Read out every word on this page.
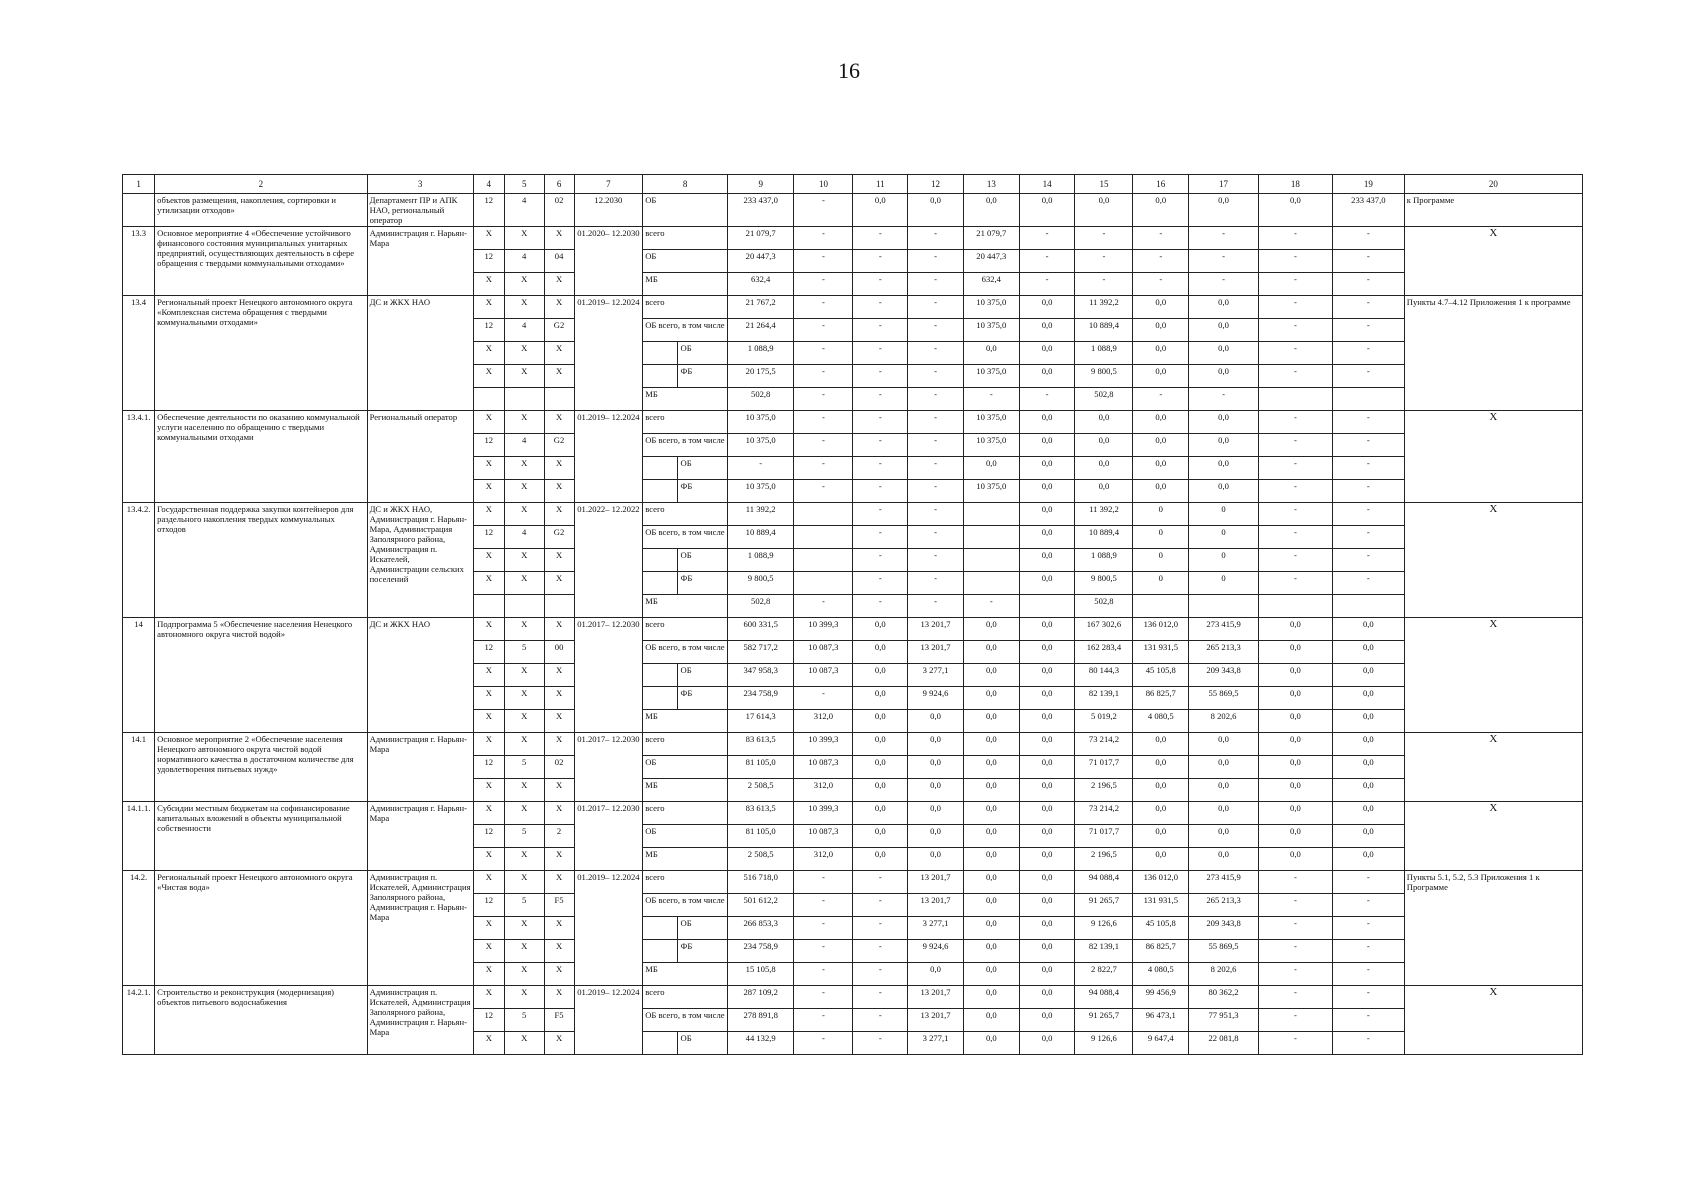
16
1	2	3	4	5	6	7	8		9	10	11	12	13	14	15	16	17	18	19	20
	объектов размещения, накопления, сортировки и утилизации отходов»	Департамент ПР и АПК НАО, региональный оператор	12	4	02	12.2030	ОБ		233 437,0	-	0,0	0,0	0,0	0,0	0,0	0,0	0,0	0,0	233 437,0	к Программе
13.3	Основное мероприятие 4 «Обеспечение устойчивого финансового состояния муниципальных унитарных предприятий, осуществляющих деятельность в сфере обращения с твердыми коммунальными отходами»	Администрация г. Нарьян-Мара	Х	Х	Х	01.2020– 12.2030	всего		21 079,7	-	-	-	21 079,7	-	-	-	-	-	-	Х
			12	4	04		ОБ		20 447,3	-	-	-	20 447,3	-	-	-	-	-	-	
			Х	Х	Х		МБ		632,4	-	-	-	632,4	-	-	-	-	-	-	
13.4	Региональный проект Ненецкого автономного округа «Комплексная система обращения с твердыми коммунальными отходами»	ДС и ЖКХ НАО	Х	Х	Х	01.2019– 12.2024	всего		21 767,2	-	-	-	10 375,0	0,0	11 392,2	0,0	0,0	-	-	Пункты 4.7–4.12 Приложения 1 к программе
			12	4	G2		ОБ всего, в том числе		21 264,4	-	-	-	10 375,0	0,0	10 889,4	0,0	0,0	-	-	
			Х	Х	Х			ОБ	1 088,9	-	-	-	0,0	0,0	1 088,9	0,0	0,0	-	-	
			Х	Х	Х			ФБ	20 175,5	-	-	-	10 375,0	0,0	9 800,5	0,0	0,0	-	-	
							МБ		502,8	-	-	-	-	-	502,8	-	-			
13.4.1.	Обеспечение деятельности по оказанию коммунальной услуги населению по обращению с твердыми коммунальными отходами	Региональный оператор	Х	Х	Х	01.2019– 12.2024	всего		10 375,0	-	-	-	10 375,0	0,0	0,0	0,0	0,0	-	-	Х
			12	4	G2		ОБ всего, в том числе		10 375,0	-	-	-	10 375,0	0,0	0,0	0,0	0,0	-	-	
			Х	Х	Х			ОБ	-	-	-	-	0,0	0,0	0,0	0,0	0,0	-	-	
			Х	Х	Х			ФБ	10 375,0	-	-	-	10 375,0	0,0	0,0	0,0	0,0	-	-	
13.4.2.	Государственная поддержка закупки контейнеров для раздельного накопления твердых коммунальных отходов	ДС и ЖКХ НАО, Администрация г. Нарьян-Мара, Администрация Заполярного района, Администрация п. Искателей, Администрации сельских поселений	Х	Х	Х	01.2022– 12.2022	всего		11 392,2		-	-		0,0	11 392,2	0	0	-	-	Х
			12	4	G2		ОБ всего, в том числе		10 889,4		-	-		0,0	10 889,4	0	0	-	-	
			Х	Х	Х			ОБ	1 088,9		-	-		0,0	1 088,9	0	0	-	-	
			Х	Х	Х			ФБ	9 800,5		-	-		0,0	9 800,5	0	0	-	-	
							МБ		502,8	-	-	-	-		502,8					
14	Подпрограмма 5 «Обеспечение населения Ненецкого автономного округа чистой водой»	ДС и ЖКХ НАО	Х	Х	Х	01.2017– 12.2030	всего		600 331,5	10 399,3	0,0	13 201,7	0,0	0,0	167 302,6	136 012,0	273 415,9	0,0	0,0	Х
			12	5	00		ОБ всего, в том числе		582 717,2	10 087,3	0,0	13 201,7	0,0	0,0	162 283,4	131 931,5	265 213,3	0,0	0,0	
			Х	Х	Х			ОБ	347 958,3	10 087,3	0,0	3 277,1	0,0	0,0	80 144,3	45 105,8	209 343,8	0,0	0,0	
			Х	Х	Х			ФБ	234 758,9	-	0,0	9 924,6	0,0	0,0	82 139,1	86 825,7	55 869,5	0,0	0,0	
			Х	Х	Х		МБ		17 614,3	312,0	0,0	0,0	0,0	0,0	5 019,2	4 080,5	8 202,6	0,0	0,0	
14.1	Основное мероприятие 2 «Обеспечение населения Ненецкого автономного округа чистой водой нормативного качества в достаточном количестве для удовлетворения питьевых нужд»	Администрация г. Нарьян-Мара	Х	Х	Х	01.2017– 12.2030	всего		83 613,5	10 399,3	0,0	0,0	0,0	0,0	73 214,2	0,0	0,0	0,0	0,0	Х
			12	5	02		ОБ		81 105,0	10 087,3	0,0	0,0	0,0	0,0	71 017,7	0,0	0,0	0,0	0,0	
			Х	Х	Х		МБ		2 508,5	312,0	0,0	0,0	0,0	0,0	2 196,5	0,0	0,0	0,0	0,0	
14.1.1.	Субсидии местным бюджетам на софинансирование капитальных вложений в объекты муниципальной собственности	Администрация г. Нарьян-Мара	Х	Х	Х	01.2017– 12.2030	всего		83 613,5	10 399,3	0,0	0,0	0,0	0,0	73 214,2	0,0	0,0	0,0	0,0	Х
			12	5	2		ОБ		81 105,0	10 087,3	0,0	0,0	0,0	0,0	71 017,7	0,0	0,0	0,0	0,0	
			Х	Х	Х		МБ		2 508,5	312,0	0,0	0,0	0,0	0,0	2 196,5	0,0	0,0	0,0	0,0	
14.2.	Региональный проект Ненецкого автономного округа «Чистая вода»	Администрация п. Искателей, Администрация Заполярного района, Администрация г. Нарьян-Мара	Х	Х	Х	01.2019– 12.2024	всего		516 718,0	-	-	13 201,7	0,0	0,0	94 088,4	136 012,0	273 415,9	-	-	Пункты 5.1, 5.2, 5.3 Приложения 1 к Программе
			12	5	F5		ОБ всего, в том числе		501 612,2	-	-	13 201,7	0,0	0,0	91 265,7	131 931,5	265 213,3	-	-	
			Х	Х	Х			ОБ	266 853,3	-	-	3 277,1	0,0	0,0	9 126,6	45 105,8	209 343,8	-	-	
			Х	Х	Х			ФБ	234 758,9	-	-	9 924,6	0,0	0,0	82 139,1	86 825,7	55 869,5	-	-	
			Х	Х	Х		МБ		15 105,8	-	-	0,0	0,0	0,0	2 822,7	4 080,5	8 202,6	-	-	
14.2.1.	Строительство и реконструкция (модернизация) объектов питьевого водоснабжения	Администрация п. Искателей, Администрация Заполярного района, Администрация г. Нарьян-Мара	Х	Х	Х	01.2019– 12.2024	всего		287 109,2	-	-	13 201,7	0,0	0,0	94 088,4	99 456,9	80 362,2	-	-	Х
			12	5	F5		ОБ всего, в том числе		278 891,8	-	-	13 201,7	0,0	0,0	91 265,7	96 473,1	77 951,3	-	-	
			Х	Х	Х			ОБ	44 132,9	-	-	3 277,1	0,0	0,0	9 126,6	9 647,4	22 081,8	-	-	
